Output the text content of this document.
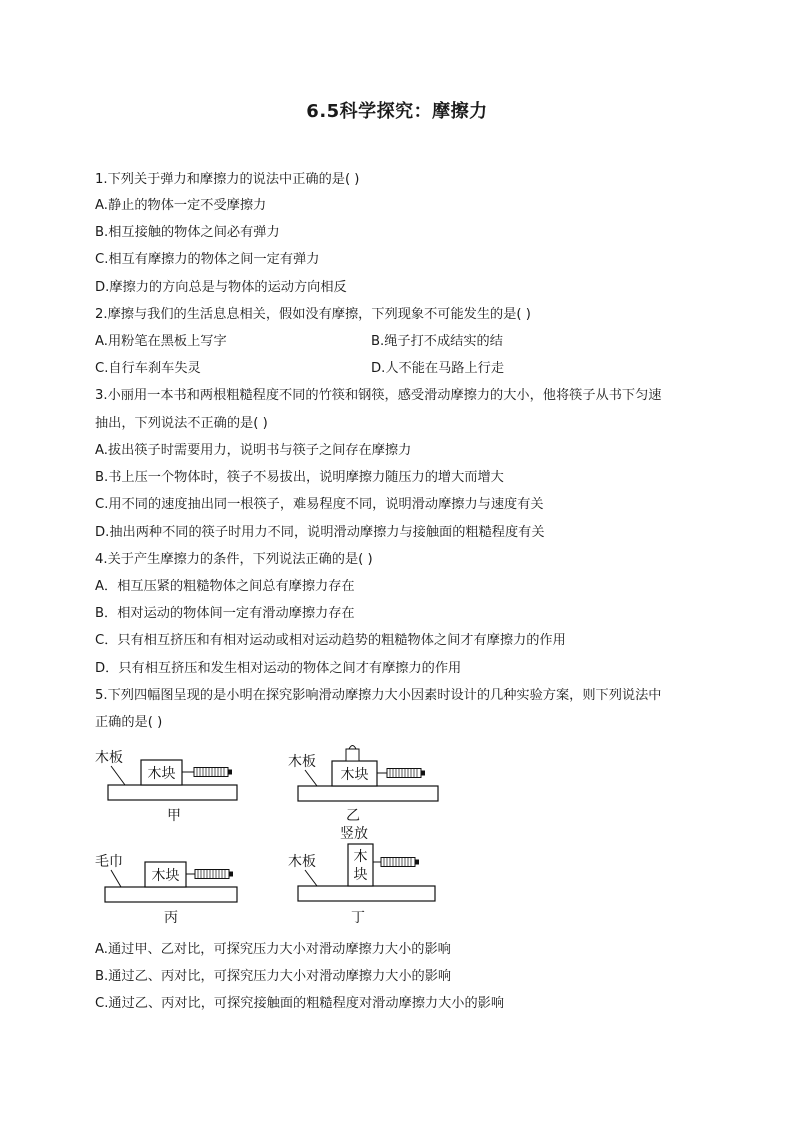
6.5科学探究：摩擦力
1.下列关于弹力和摩擦力的说法中正确的是( )
A.静止的物体一定不受摩擦力
B.相互接触的物体之间必有弹力
C.相互有摩擦力的物体之间一定有弹力
D.摩擦力的方向总是与物体的运动方向相反
2.摩擦与我们的生活息息相关，假如没有摩擦，下列现象不可能发生的是( )
A.用粉笔在黑板上写字	B.绳子打不成结实的结
C.自行车刹车失灵	D.人不能在马路上行走
3.小丽用一本书和两根粗糙程度不同的竹筷和钢筷，感受滑动摩擦力的大小，他将筷子从书下匀速
抽出，下列说法不正确的是( )
A.拔出筷子时需要用力，说明书与筷子之间存在摩擦力
B.书上压一个物体时，筷子不易拔出，说明摩擦力随压力的增大而增大
C.用不同的速度抽出同一根筷子，难易程度不同，说明滑动摩擦力与速度有关
D.抽出两种不同的筷子时用力不同，说明滑动摩擦力与接触面的粗糙程度有关
4.关于产生摩擦力的条件，下列说法正确的是( )
A．相互压紧的粗糙物体之间总有摩擦力存在
B．相对运动的物体间一定有滑动摩擦力存在
C．只有相互挤压和有相对运动或相对运动趋势的粗糙物体之间才有摩擦力的作用
D．只有相互挤压和发生相对运动的物体之间才有摩擦力的作用
5.下列四幅图呈现的是小明在探究影响滑动摩擦力大小因素时设计的几种实验方案，则下列说法中
正确的是( )
木板
木块
甲
木板
木块
乙
毛巾
木块
丙
竖放
木板	木
块
丁
A.通过甲、乙对比，可探究压力大小对滑动摩擦力大小的影响
B.通过乙、丙对比，可探究压力大小对滑动摩擦力大小的影响
C.通过乙、丙对比，可探究接触面的粗糙程度对滑动摩擦力大小的影响
